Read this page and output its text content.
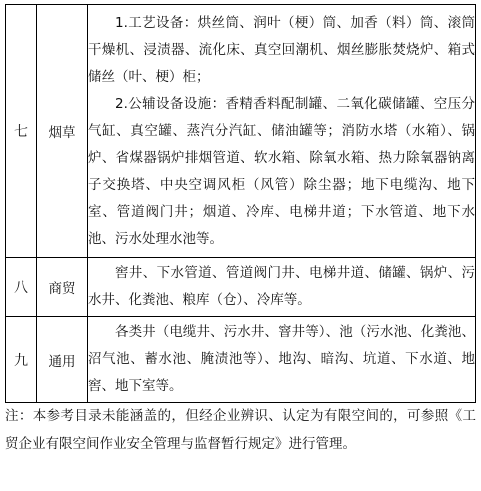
七	烟草	1.工艺设备：烘丝筒、润叶（梗）筒、加香（料）筒、滚筒干燥机、浸渍器、流化床、真空回潮机、烟丝膨胀焚烧炉、箱式储丝（叶、梗）柜；

2.公辅设备设施：香精香料配制罐、二氧化碳储罐、空压分气缸、真空罐、蒸汽分汽缸、储油罐等；消防水塔（水箱）、锅炉、省煤器锅炉排烟管道、软水箱、除氧水箱、热力除氧器钠离子交换塔、中央空调风柜（风管）除尘器；地下电缆沟、地下室、管道阀门井；烟道、冷库、电梯井道；下水管道、地下水池、污水处理水池等。

八	商贸	窖井、下水管道、管道阀门井、电梯井道、储罐、锅炉、污水井、化粪池、粮库（仓）、冷库等。

九	通用	各类井（电缆井、污水井、窨井等）、池（污水池、化粪池、沼气池、蓄水池、腌渍池等）、地沟、暗沟、坑道、下水道、地窖、地下室等。

注：本参考目录未能涵盖的，但经企业辨识、认定为有限空间的，可参照《工贸企业有限空间作业安全管理与监督暂行规定》进行管理。
